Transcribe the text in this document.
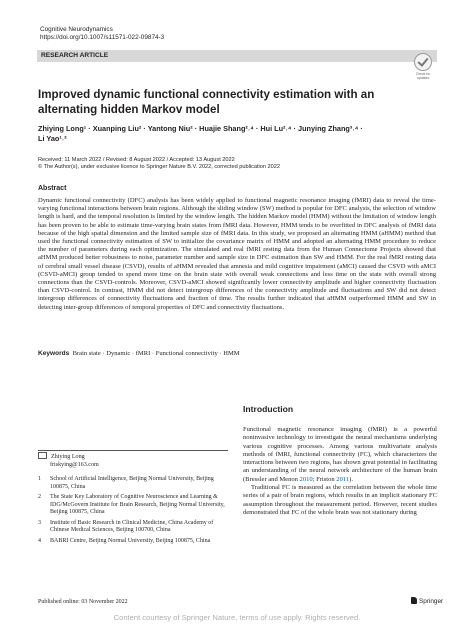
Cognitive Neurodynamics
https://doi.org/10.1007/s11571-022-09874-3
RESEARCH ARTICLE
Check for
updates
Improved dynamic functional connectivity estimation with an alternating hidden Markov model
Zhiying Long¹ · Xuanping Liu² · Yantong Niu² · Huajie Shang²˒⁴ · Hui Lu²˒⁴ · Junying Zhang³˒⁴ ·
Li Yao¹˒²
Received: 11 March 2022 / Revised: 8 August 2022 / Accepted: 13 August 2022
© The Author(s), under exclusive licence to Springer Nature B.V. 2022, corrected publication 2022
Abstract
Dynamic functional connectivity (DFC) analysis has been widely applied to functional magnetic resonance imaging (fMRI) data to reveal the time-varying functional interactions between brain regions. Although the sliding window (SW) method is popular for DFC analysis, the selection of window length is hard, and the temporal resolution is limited by the window length. The hidden Markov model (HMM) without the limitation of window length has been proven to be able to estimate time-varying brain states from fMRI data. However, HMM tends to be overfitted in DFC analysis of fMRI data because of the high spatial dimension and the limited sample size of fMRI data. In this study, we proposed an alternating HMM (aHMM) method that used the functional connectivity estimation of SW to initialize the covariance matrix of HMM and adopted an alternating HMM procedure to reduce the number of parameters during each optimization. The simulated and real fMRI resting data from the Human Connectome Projects showed that aHMM produced better robustness to noise, parameter number and sample size in DFC estimation than SW and HMM. For the real fMRI resting data of cerebral small vessel disease (CSVD), results of aHMM revealed that amnesia and mild cognitive impairment (aMCI) caused the CSVD with aMCI (CSVD-aMCI) group tended to spend more time on the brain state with overall weak connections and less time on the state with overall strong connections than the CSVD-controls. Moreover, CSVD-aMCI showed significantly lower connectivity amplitude and higher connectivity fluctuation than CSVD-control. In contrast, HMM did not detect intergroup differences of the connectivity amplitude and fluctuations and SW did not detect intergroup differences of connectivity fluctuations and fraction of time. The results further indicated that aHMM outperformed HMM and SW in detecting inter-group differences of temporal properties of DFC and connectivity fluctuations.
Keywords Brain state · Dynamic · fMRI · Functional connectivity · HMM
Introduction

Functional magnetic resonance imaging (fMRI) is a powerful noninvasive technology to investigate the neural mechanisms underlying various cognitive processes. Among various multivariate analysis methods of fMRI, functional connectivity (FC), which characterizes the interactions between two regions, has shown great potential in facilitating an understanding of the neural network architecture of the human brain (Bressler and Menon 2010; Friston 2011).

Traditional FC is measured as the correlation between the whole time series of a pair of brain regions, which results in an implicit stationary FC assumption throughout the measurement period. However, recent studies demonstrated that FC of the whole brain was not stationary during

Zhiying Long
friskying@163.com
1	School of Artificial Intelligence, Beijing Normal University, Beijing 100875, China
2	The State Key Laboratory of Cognitive Neuroscience and Learning & IDG/McGovern Institute for Brain Research, Beijing Normal University, Beijing 100875, China
3	Institute of Basic Research in Clinical Medicine, China Academy of Chinese Medical Sciences, Beijing 100700, China
4	BABRI Centre, Beijing Normal University, Beijing 100875, China
Published online: 03 November 2022	Springer
Content courtesy of Springer Nature, terms of use apply. Rights reserved.
